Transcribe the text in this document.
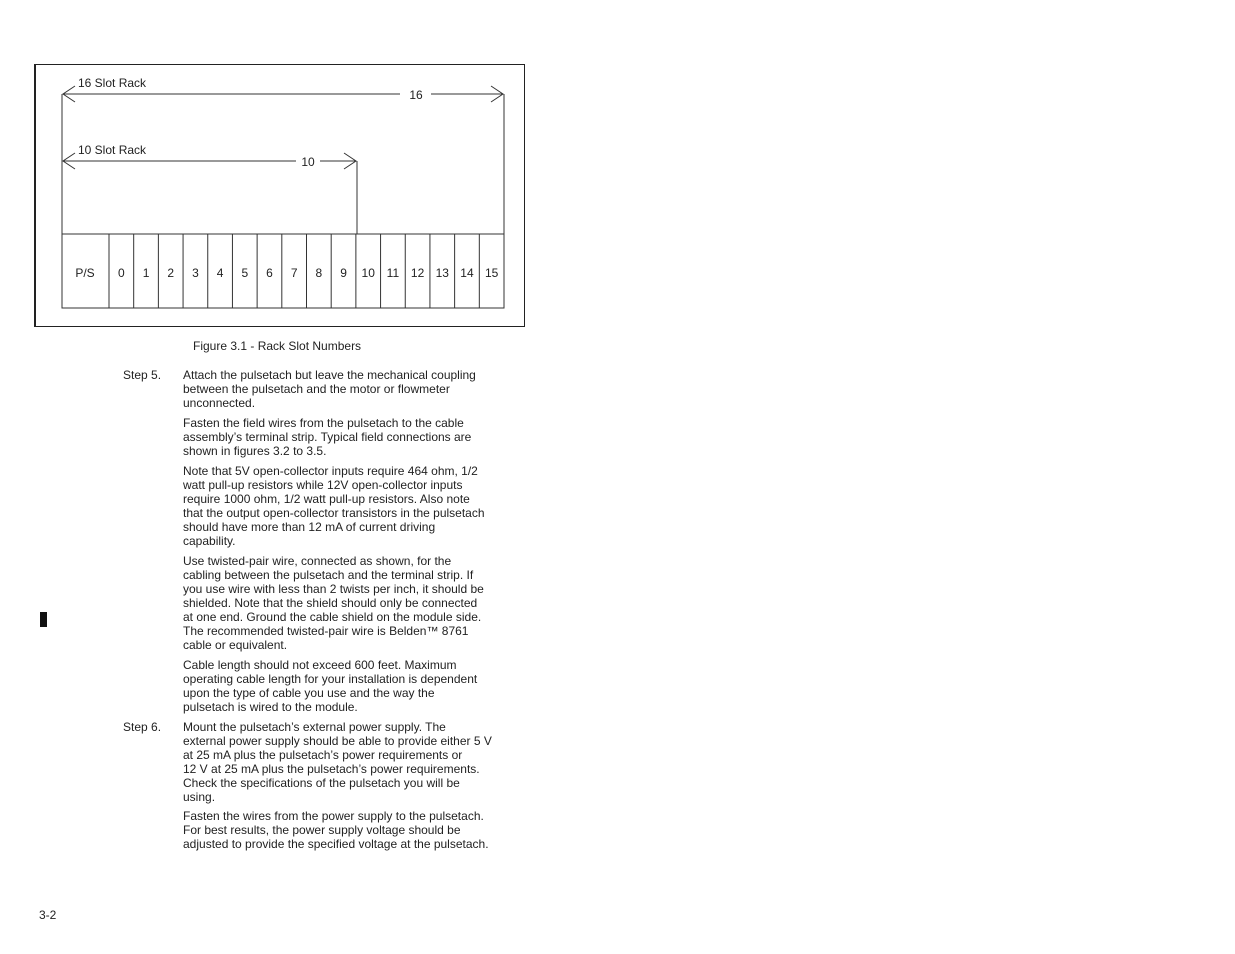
16 Slot Rack
16
10 Slot Rack
10
P/S 0 1 2 3 4 5 6 7 8 9 10 11 12 13 14 15
Figure 3.1 - Rack Slot Numbers
Step 5. Attach the pulsetach but leave the mechanical coupling
between the pulsetach and the motor or flowmeter
unconnected.

Fasten the field wires from the pulsetach to the cable
assembly’s terminal strip. Typical field connections are
shown in figures 3.2 to 3.5.

Note that 5V open-collector inputs require 464 ohm, 1/2
watt pull-up resistors while 12V open-collector inputs
require 1000 ohm, 1/2 watt pull-up resistors. Also note
that the output open-collector transistors in the pulsetach
should have more than 12 mA of current driving
capability.

Use twisted-pair wire, connected as shown, for the
cabling between the pulsetach and the terminal strip. If
you use wire with less than 2 twists per inch, it should be
shielded. Note that the shield should only be connected
at one end. Ground the cable shield on the module side.
The recommended twisted-pair wire is Belden™ 8761
cable or equivalent.

Cable length should not exceed 600 feet. Maximum
operating cable length for your installation is dependent
upon the type of cable you use and the way the
pulsetach is wired to the module.

Step 6. Mount the pulsetach’s external power supply. The
external power supply should be able to provide either 5 V
at 25 mA plus the pulsetach’s power requirements or
12 V at 25 mA plus the pulsetach’s power requirements.
Check the specifications of the pulsetach you will be
using.

Fasten the wires from the power supply to the pulsetach.
For best results, the power supply voltage should be
adjusted to provide the specified voltage at the pulsetach.

3-2
